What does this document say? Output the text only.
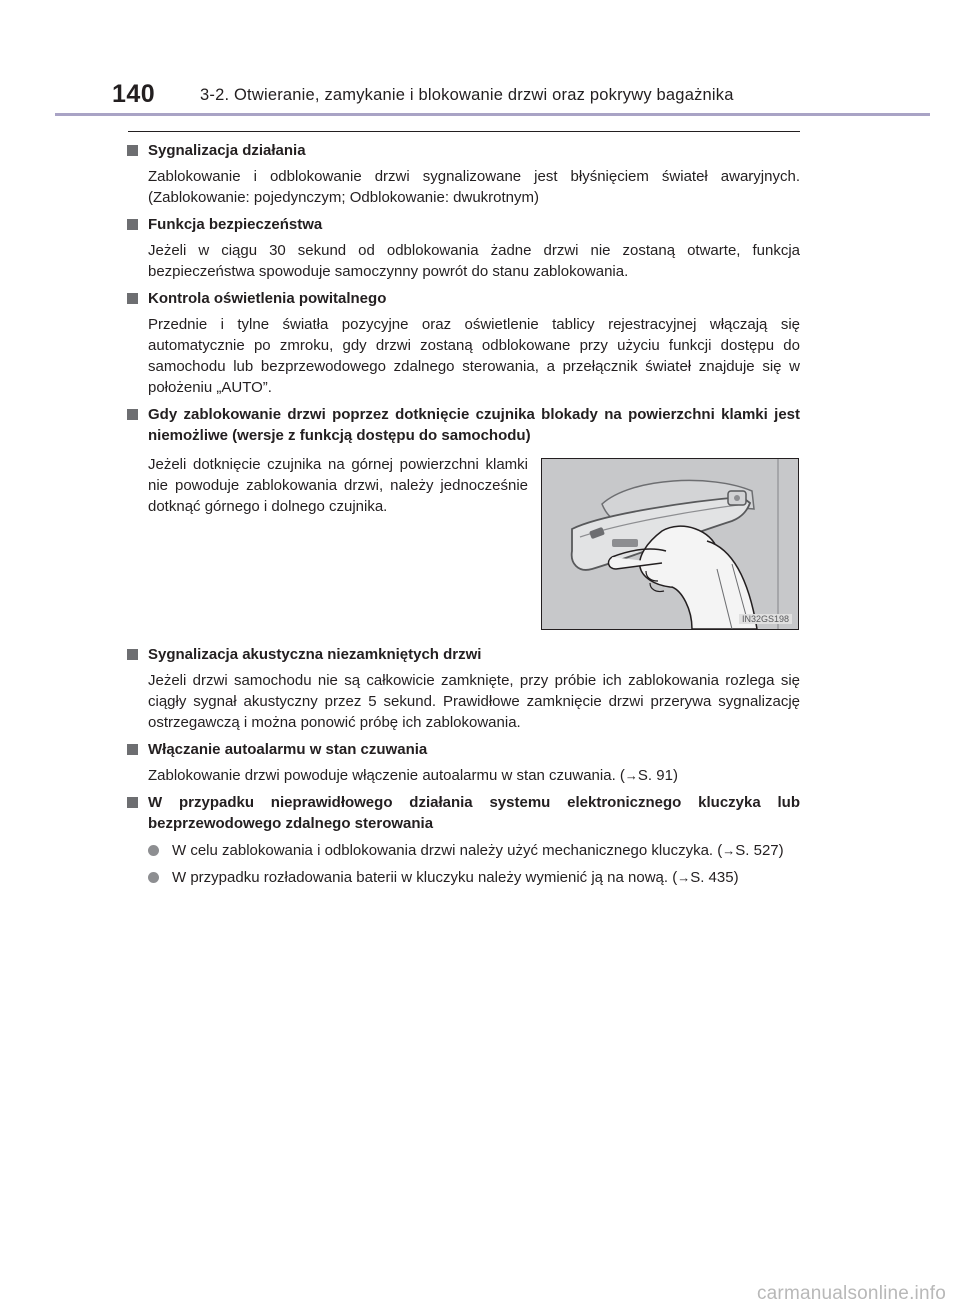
140	3-2. Otwieranie, zamykanie i blokowanie drzwi oraz pokrywy bagażnika
Sygnalizacja działania
Zablokowanie i odblokowanie drzwi sygnalizowane jest błyśnięciem świateł awaryjnych. (Zablokowanie: pojedynczym; Odblokowanie: dwukrotnym)
Funkcja bezpieczeństwa
Jeżeli w ciągu 30 sekund od odblokowania żadne drzwi nie zostaną otwarte, funkcja bezpieczeństwa spowoduje samoczynny powrót do stanu zablokowania.
Kontrola oświetlenia powitalnego
Przednie i tylne światła pozycyjne oraz oświetlenie tablicy rejestracyjnej włączają się automatycznie po zmroku, gdy drzwi zostaną odblokowane przy użyciu funkcji dostępu do samochodu lub bezprzewodowego zdalnego sterowania, a przełącznik świateł znajduje się w położeniu „AUTO”.
Gdy zablokowanie drzwi poprzez dotknięcie czujnika blokady na powierzchni klamki jest niemożliwe (wersje z funkcją dostępu do samochodu)
Jeżeli dotknięcie czujnika na górnej powierzchni klamki nie powoduje zablokowania drzwi, należy jednocześnie dotknąć górnego i dolnego czujnika.
IN32GS198
Sygnalizacja akustyczna niezamkniętych drzwi
Jeżeli drzwi samochodu nie są całkowicie zamknięte, przy próbie ich zablokowania rozlega się ciągły sygnał akustyczny przez 5 sekund. Prawidłowe zamknięcie drzwi przerywa sygnalizację ostrzegawczą i można ponowić próbę ich zablokowania.
Włączanie autoalarmu w stan czuwania
Zablokowanie drzwi powoduje włączenie autoalarmu w stan czuwania. (→S. 91)
W przypadku nieprawidłowego działania systemu elektronicznego kluczyka lub bezprzewodowego zdalnego sterowania
W celu zablokowania i odblokowania drzwi należy użyć mechanicznego kluczyka. (→S. 527)
W przypadku rozładowania baterii w kluczyku należy wymienić ją na nową. (→S. 435)
carmanualsonline.info
